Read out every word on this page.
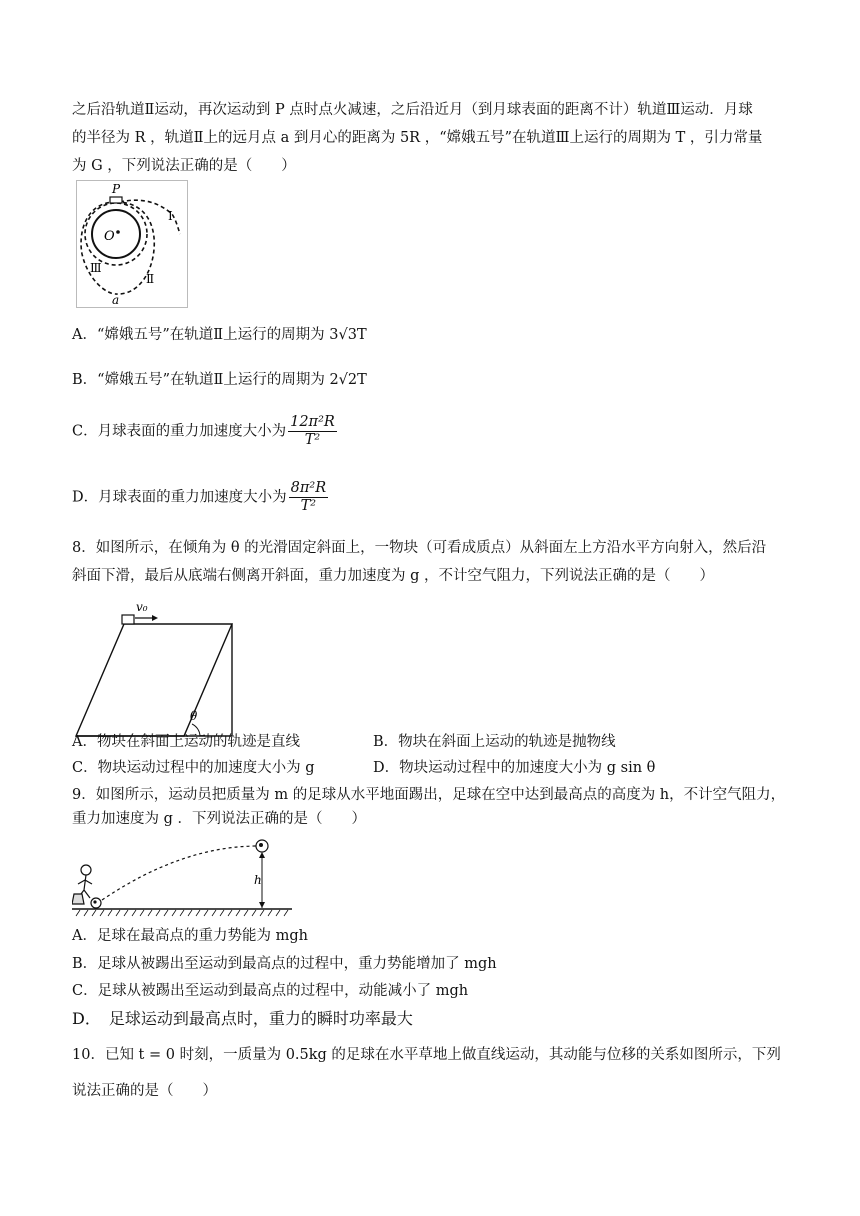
之后沿轨道Ⅱ运动，再次运动到 P 点时点火减速，之后沿近月（到月球表面的距离不计）轨道Ⅲ运动．月球
的半径为 R ，轨道Ⅱ上的远月点 a 到月心的距离为 5R ，“嫦娥五号”在轨道Ⅲ上运行的周期为 T ，引力常量
为 G ，下列说法正确的是（　　）
P
O
I
Ⅱ
Ⅲ
a
A．“嫦娥五号”在轨道Ⅱ上运行的周期为 3√3T
B．“嫦娥五号”在轨道Ⅱ上运行的周期为 2√2T
C．月球表面的重力加速度大小为 $\frac{\text{12π²R}}{\text{T²}}$
D．月球表面的重力加速度大小为 $\frac{\text{8π²R}}{\text{T²}}$
8．如图所示，在倾角为 θ 的光滑固定斜面上，一物块（可看成质点）从斜面左上方沿水平方向射入，然后沿
斜面下滑，最后从底端右侧离开斜面，重力加速度为 g ，不计空气阻力，下列说法正确的是（　　）
v₀
θ
A．物块在斜面上运动的轨迹是直线	B．物块在斜面上运动的轨迹是抛物线
C．物块运动过程中的加速度大小为 g	D．物块运动过程中的加速度大小为 g sin θ
9．如图所示，运动员把质量为 m 的足球从水平地面踢出，足球在空中达到最高点的高度为 h，不计空气阻力，
重力加速度为 g ．下列说法正确的是（　　）
h
A．足球在最高点的重力势能为 mgh
B．足球从被踢出至运动到最高点的过程中，重力势能增加了 mgh
C．足球从被踢出至运动到最高点的过程中，动能减小了 mgh
D．　足球运动到最高点时，重力的瞬时功率最大
10．已知 t = 0 时刻，一质量为 0.5kg 的足球在水平草地上做直线运动，其动能与位移的关系如图所示，下列
说法正确的是（　　）
